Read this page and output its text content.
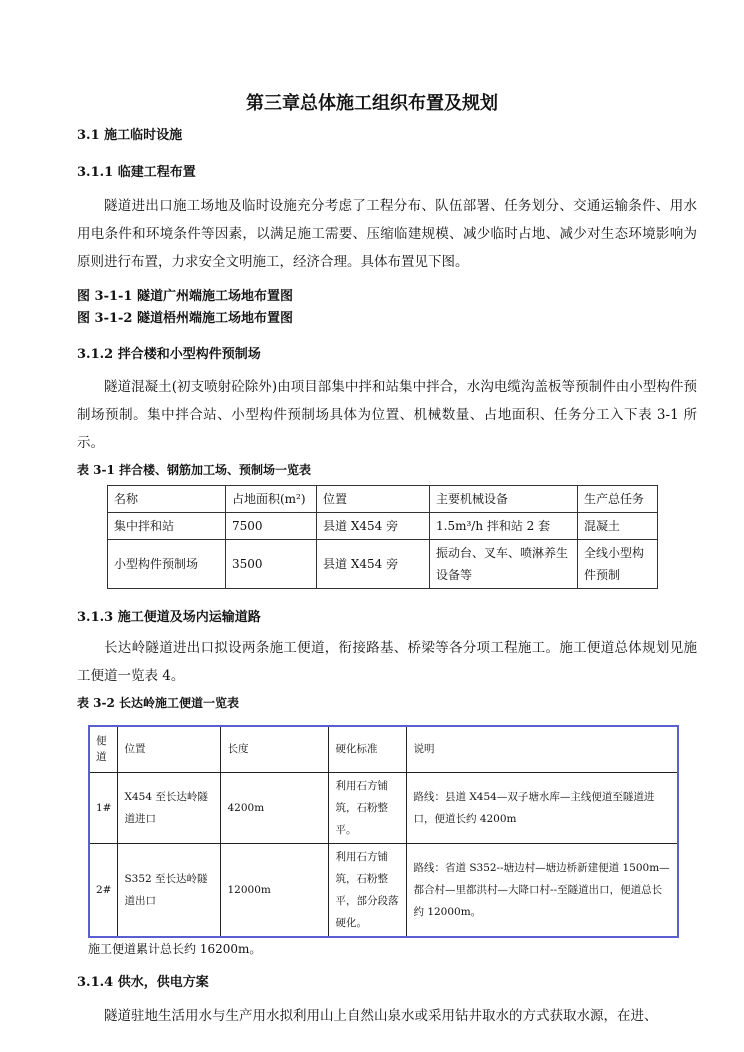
第三章总体施工组织布置及规划
3.1 施工临时设施
3.1.1 临建工程布置
隧道进出口施工场地及临时设施充分考虑了工程分布、队伍部署、任务划分、交通运输条件、用水用电条件和环境条件等因素，以满足施工需要、压缩临建规模、减少临时占地、减少对生态环境影响为原则进行布置，力求安全文明施工，经济合理。具体布置见下图。
图 3-1-1 隧道广州端施工场地布置图
图 3-1-2 隧道梧州端施工场地布置图
3.1.2 拌合楼和小型构件预制场
隧道混凝土(初支喷射砼除外)由项目部集中拌和站集中拌合，水沟电缆沟盖板等预制件由小型构件预制场预制。集中拌合站、小型构件预制场具体为位置、机械数量、占地面积、任务分工入下表 3-1 所示。
表 3-1 拌合楼、钢筋加工场、预制场一览表
名称	占地面积(m²)	位置	主要机械设备	生产总任务
集中拌和站	7500	县道 X454 旁	1.5m³/h 拌和站 2 套	混凝土
小型构件预制场	3500	县道 X454 旁	振动台、叉车、喷淋养生设备等	全线小型构件预制
3.1.3 施工便道及场内运输道路
长达岭隧道进出口拟设两条施工便道，衔接路基、桥梁等各分项工程施工。施工便道总体规划见施工便道一览表 4。
表 3-2 长达岭施工便道一览表
便道	位置	长度	硬化标准	说明
1#	X454 至长达岭隧道进口	4200m	利用石方铺筑，石粉整平。	路线：县道 X454—双子塘水库—主线便道至隧道进口，便道长约 4200m
2#	S352 至长达岭隧道出口	12000m	利用石方铺筑，石粉整平，部分段落硬化。	路线：省道 S352--塘边村—塘边桥新建便道 1500m—都合村—里都洪村—大降口村--至隧道出口，便道总长约 12000m。
施工便道累计总长约 16200m。
3.1.4 供水，供电方案
隧道驻地生活用水与生产用水拟利用山上自然山泉水或采用钻井取水的方式获取水源，在进、
